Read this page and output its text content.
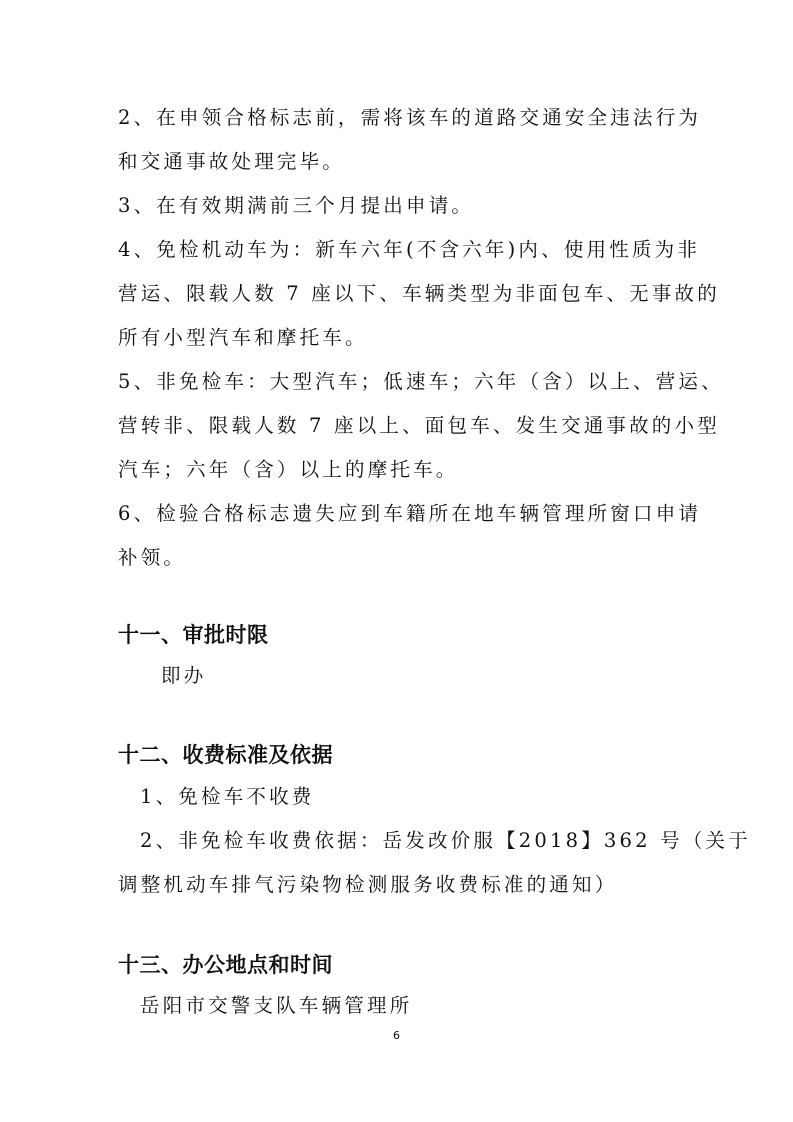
2、在申领合格标志前，需将该车的道路交通安全违法行为
和交通事故处理完毕。
3、在有效期满前三个月提出申请。
4、免检机动车为：新车六年(不含六年)内、使用性质为非
营运、限载人数 7 座以下、车辆类型为非面包车、无事故的
所有小型汽车和摩托车。
5、非免检车：大型汽车；低速车；六年（含）以上、营运、
营转非、限载人数 7 座以上、面包车、发生交通事故的小型
汽车；六年（含）以上的摩托车。
6、检验合格标志遗失应到车籍所在地车辆管理所窗口申请
补领。
十一、审批时限
即办
十二、收费标准及依据
1、免检车不收费
2、非免检车收费依据：岳发改价服【2018】362 号（关于
调整机动车排气污染物检测服务收费标准的通知）
十三、办公地点和时间
岳阳市交警支队车辆管理所
6
